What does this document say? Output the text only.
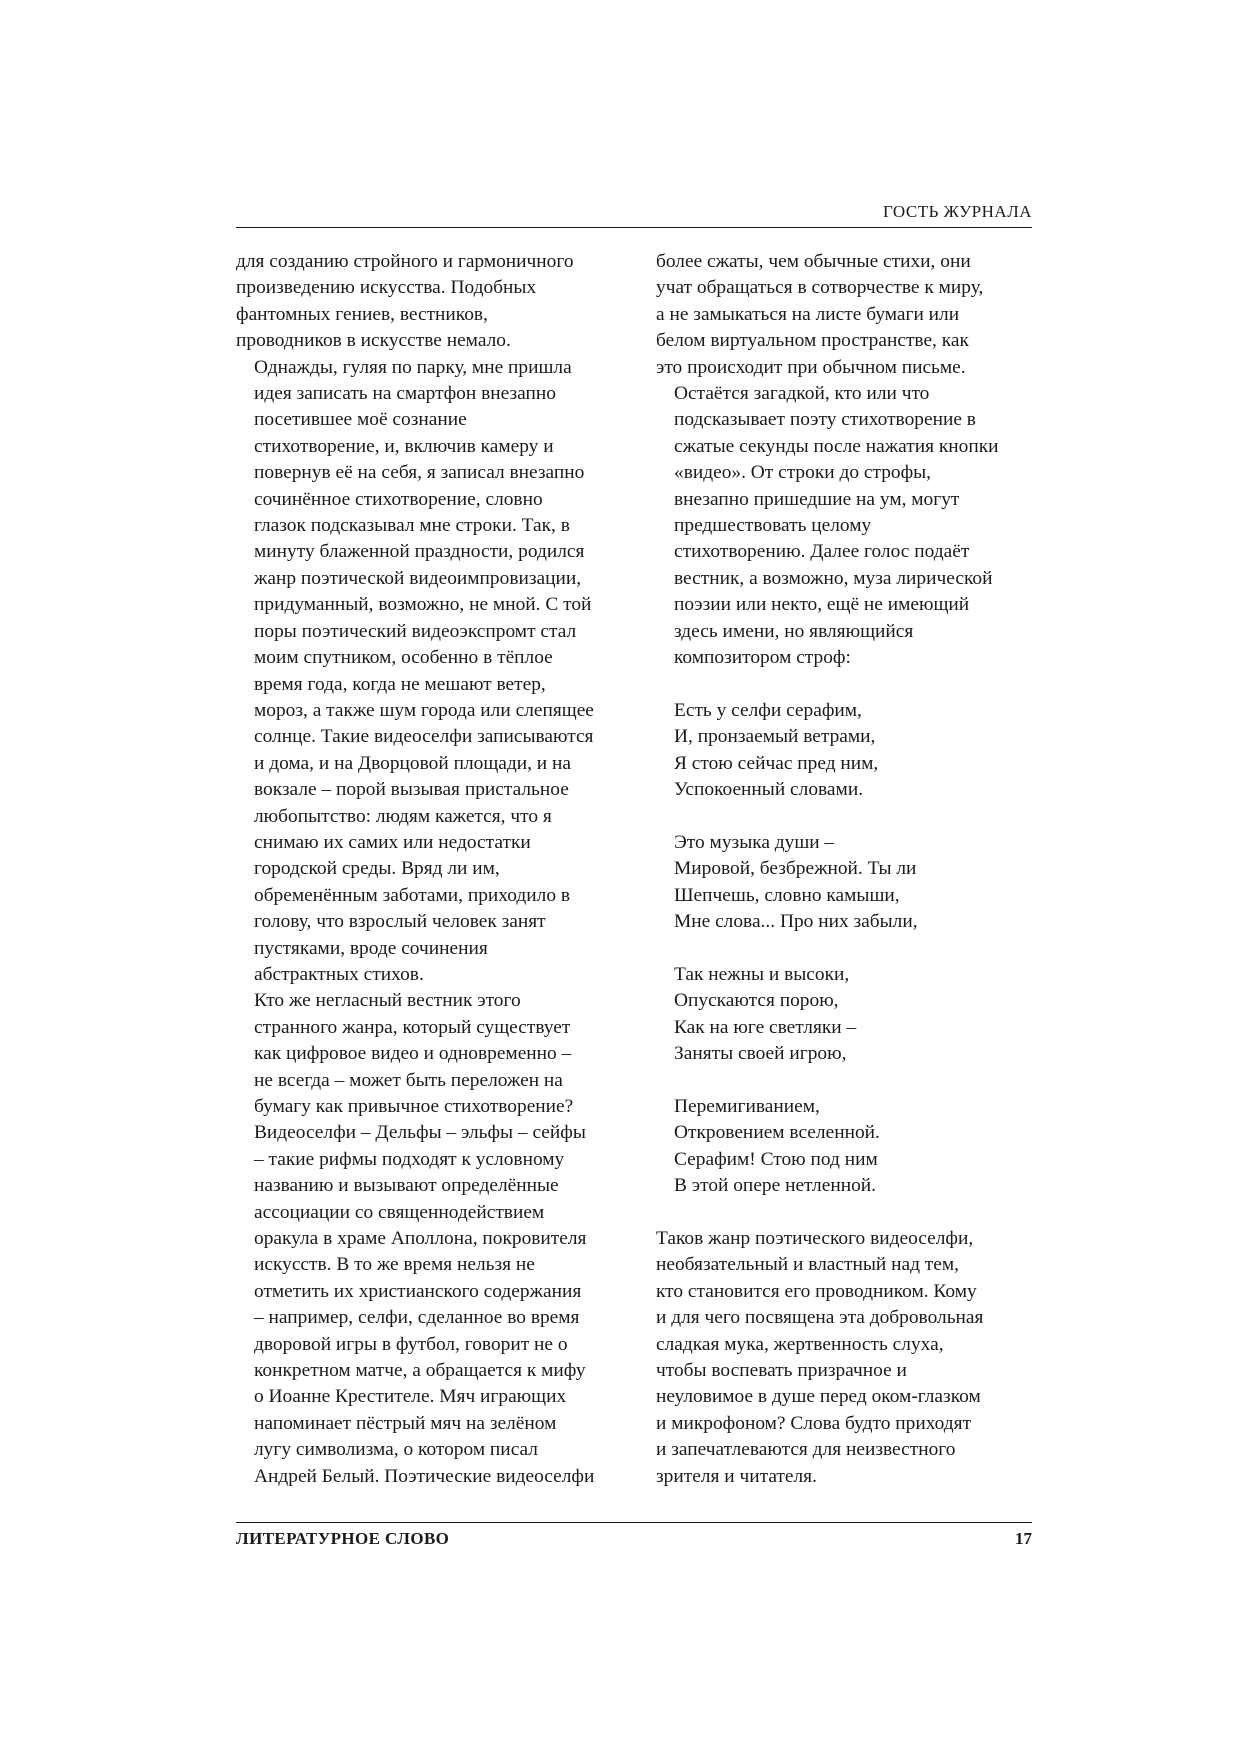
ГОСТЬ ЖУРНАЛА

для созданию стройного и гармоничного
произведению искусства. Подобных
фантомных гениев, вестников,
проводников в искусстве немало.

Однажды, гуляя по парку, мне пришла
идея записать на смартфон внезапно
посетившее моё сознание
стихотворение, и, включив камеру и
повернув её на себя, я записал внезапно
сочинённое стихотворение, словно
глазок подсказывал мне строки. Так, в
минуту блаженной праздности, родился
жанр поэтической видеоимпровизации,
придуманный, возможно, не мной. С той
поры поэтический видеоэкспромт стал
моим спутником, особенно в тёплое
время года, когда не мешают ветер,
мороз, а также шум города или слепящее
солнце. Такие видеоселфи записываются
и дома, и на Дворцовой площади, и на
вокзале – порой вызывая пристальное
любопытство: людям кажется, что я
снимаю их самих или недостатки
городской среды. Вряд ли им,
обременённым заботами, приходило в
голову, что взрослый человек занят
пустяками, вроде сочинения
абстрактных стихов.

Кто же негласный вестник этого
странного жанра, который существует
как цифровое видео и одновременно –
не всегда – может быть переложен на
бумагу как привычное стихотворение?
Видеоселфи – Дельфы – эльфы – сейфы
– такие рифмы подходят к условному
названию и вызывают определённые
ассоциации со священнодействием
оракула в храме Аполлона, покровителя
искусств. В то же время нельзя не
отметить их христианского содержания
– например, селфи, сделанное во время
дворовой игры в футбол, говорит не о
конкретном матче, а обращается к мифу
о Иоанне Крестителе. Мяч играющих
напоминает пёстрый мяч на зелёном
лугу символизма, о котором писал
Андрей Белый. Поэтические видеоселфи

более сжаты, чем обычные стихи, они
учат обращаться в сотворчестве к миру,
а не замыкаться на листе бумаги или
белом виртуальном пространстве, как
это происходит при обычном письме.

Остаётся загадкой, кто или что
подсказывает поэту стихотворение в
сжатые секунды после нажатия кнопки
«видео». От строки до строфы,
внезапно пришедшие на ум, могут
предшествовать целому
стихотворению. Далее голос подаёт
вестник, а возможно, муза лирической
поэзии или некто, ещё не имеющий
здесь имени, но являющийся
композитором строф:

Есть у селфи серафим,
И, пронзаемый ветрами,
Я стою сейчас пред ним,
Успокоенный словами.
Это музыка души –
Мировой, безбрежной. Ты ли
Шепчешь, словно камыши,
Мне слова... Про них забыли,
Так нежны и высоки,
Опускаются порою,
Как на юге светляки –
Заняты своей игрою,
Перемигиванием,
Откровением вселенной.
Серафим! Стою под ним
В этой опере нетленной.

Таков жанр поэтического видеоселфи,
необязательный и властный над тем,
кто становится его проводником. Кому
и для чего посвящена эта добровольная
сладкая мука, жертвенность слуха,
чтобы воспевать призрачное и
неуловимое в душе перед оком-глазком
и микрофоном? Слова будто приходят
и запечатлеваются для неизвестного
зрителя и читателя.

ЛИТЕРАТУРНОЕ СЛОВО	17
